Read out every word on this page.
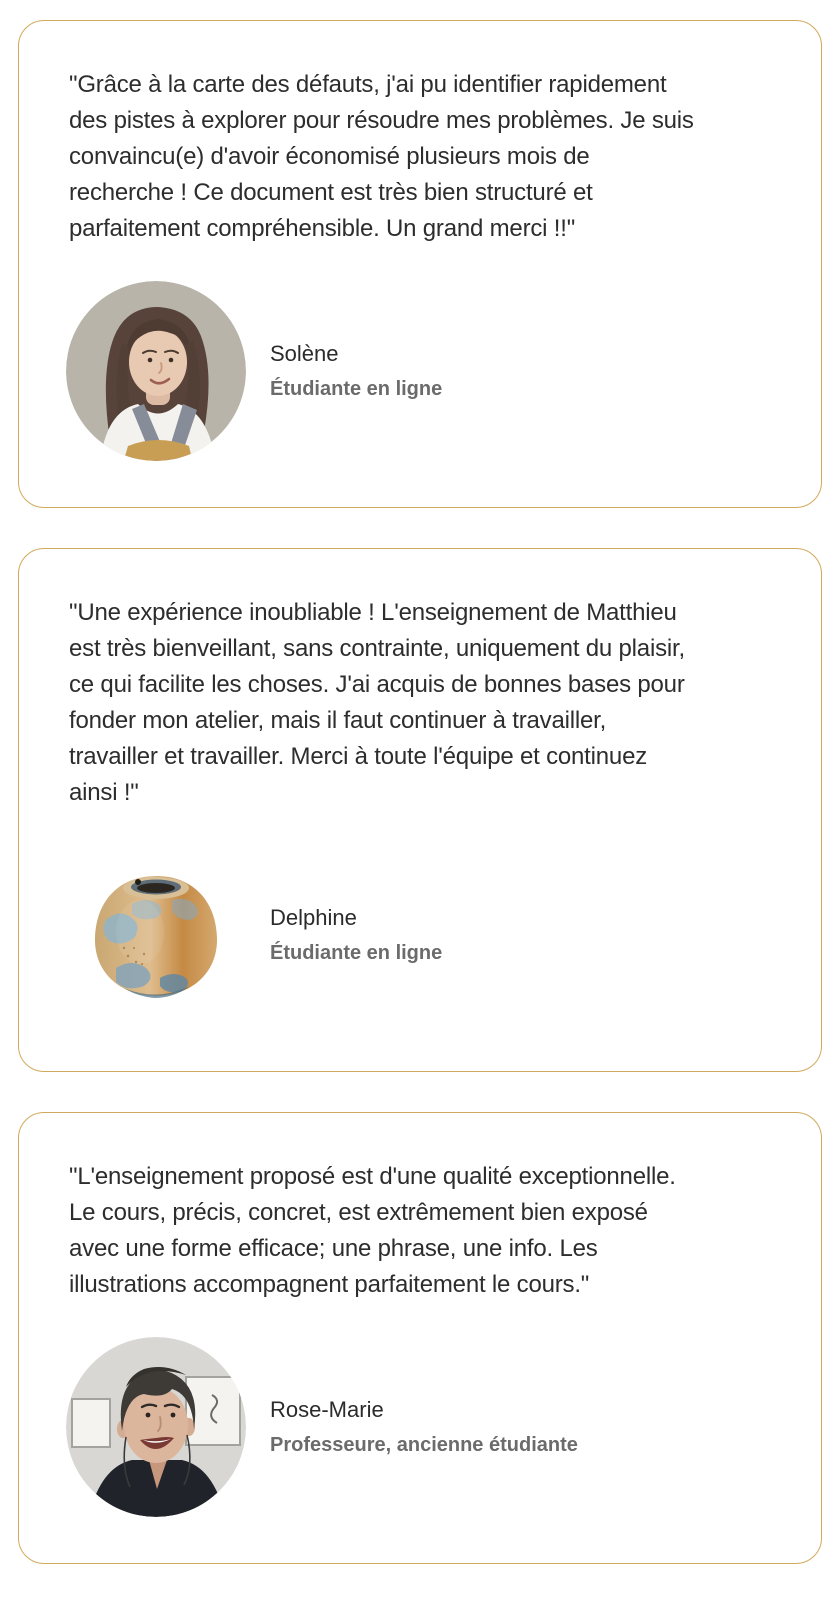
"Grâce à la carte des défauts, j'ai pu identifier rapidement
des pistes à explorer pour résoudre mes problèmes. Je suis
convaincu(e) d'avoir économisé plusieurs mois de
recherche ! Ce document est très bien structuré et
parfaitement compréhensible. Un grand merci !!"

Solène
Étudiante en ligne

"Une expérience inoubliable ! L'enseignement de Matthieu
est très bienveillant, sans contrainte, uniquement du plaisir,
ce qui facilite les choses. J'ai acquis de bonnes bases pour
fonder mon atelier, mais il faut continuer à travailler,
travailler et travailler. Merci à toute l'équipe et continuez
ainsi !"

Delphine
Étudiante en ligne

"L'enseignement proposé est d'une qualité exceptionnelle.
Le cours, précis, concret, est extrêmement bien exposé
avec une forme efficace; une phrase, une info. Les
illustrations accompagnent parfaitement le cours."

Rose-Marie
Professeure, ancienne étudiante
